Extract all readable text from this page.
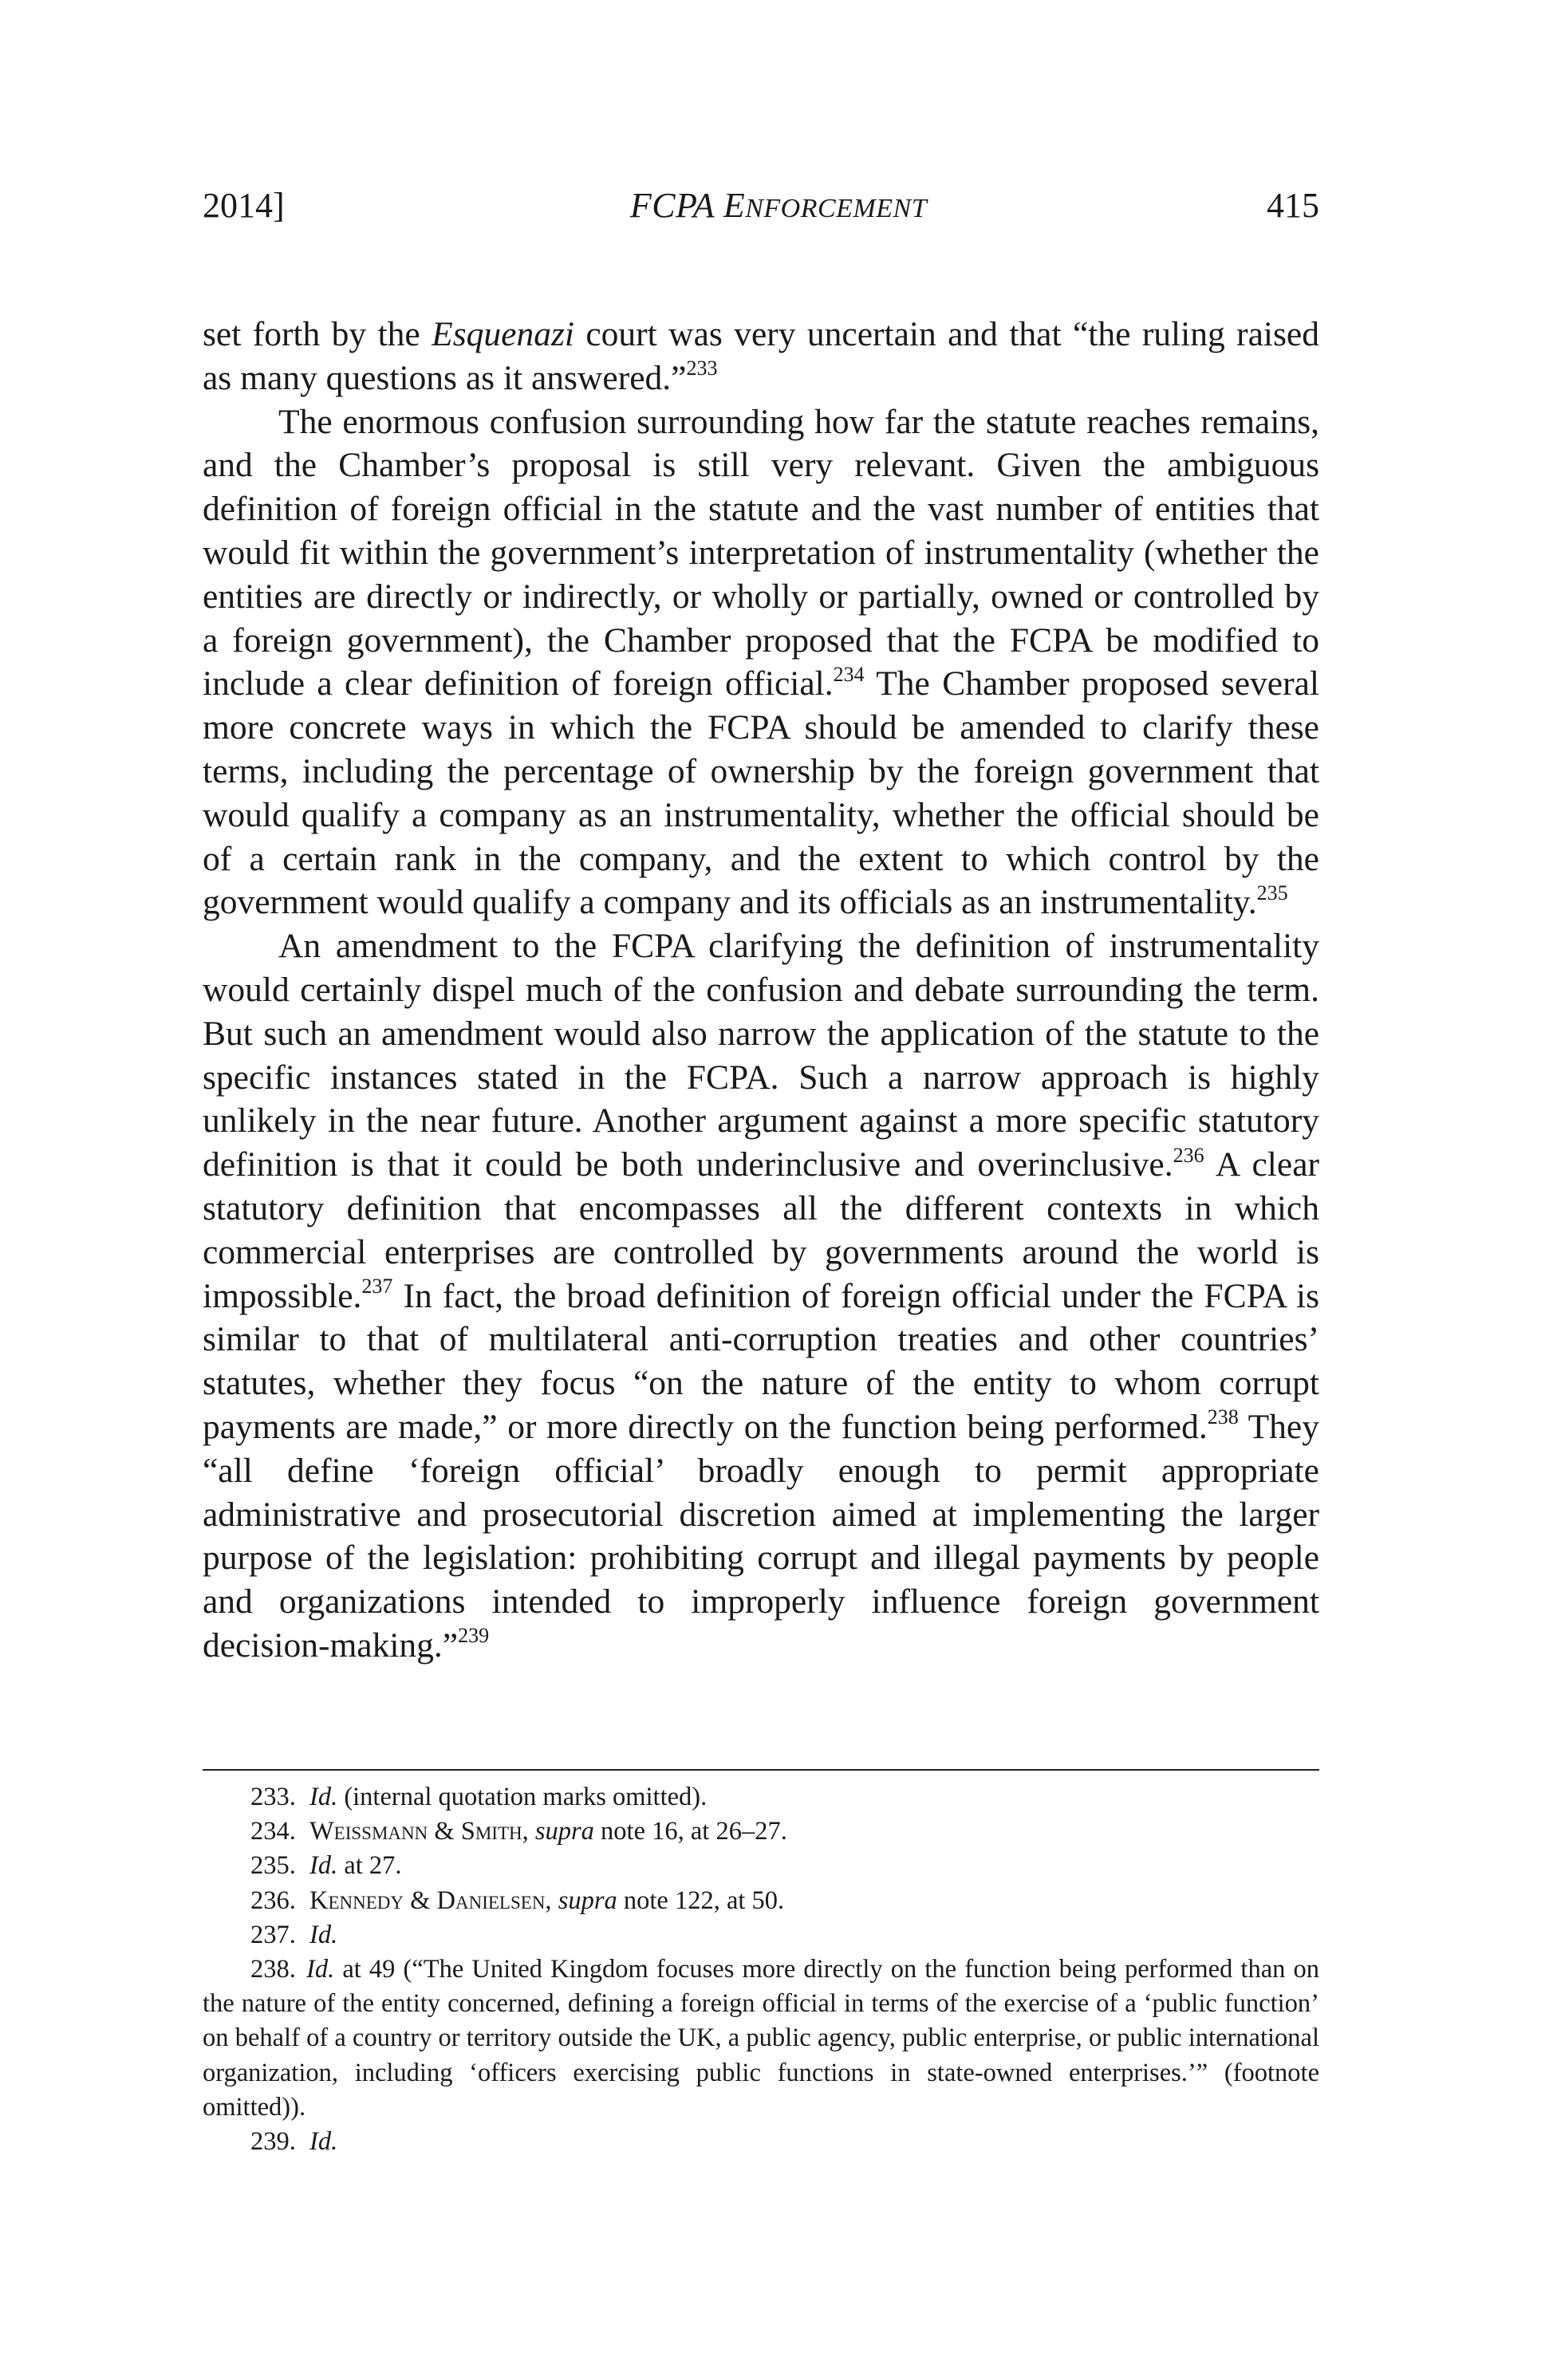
2014]	FCPA ENFORCEMENT	415

set forth by the Esquenazi court was very uncertain and that “the ruling raised as many questions as it answered.”$^{233}$

The enormous confusion surrounding how far the statute reaches remains, and the Chamber’s proposal is still very relevant. Given the ambiguous definition of foreign official in the statute and the vast number of entities that would fit within the government’s interpretation of instrumentality (whether the entities are directly or indirectly, or wholly or partially, owned or controlled by a foreign government), the Chamber proposed that the FCPA be modified to include a clear definition of foreign official.$^{234}$ The Chamber proposed several more concrete ways in which the FCPA should be amended to clarify these terms, including the percentage of ownership by the foreign government that would qualify a company as an instrumentality, whether the official should be of a certain rank in the company, and the extent to which control by the government would qualify a company and its officials as an instrumentality.$^{235}$

An amendment to the FCPA clarifying the definition of instrumentality would certainly dispel much of the confusion and debate surrounding the term. But such an amendment would also narrow the application of the statute to the specific instances stated in the FCPA. Such a narrow approach is highly unlikely in the near future. Another argument against a more specific statutory definition is that it could be both underinclusive and overinclusive.$^{236}$ A clear statutory definition that encompasses all the different contexts in which commercial enterprises are controlled by governments around the world is impossible.$^{237}$ In fact, the broad definition of foreign official under the FCPA is similar to that of multilateral anti-corruption treaties and other countries’ statutes, whether they focus “on the nature of the entity to whom corrupt payments are made,” or more directly on the function being performed.$^{238}$ They “all define ‘foreign official’ broadly enough to permit appropriate administrative and prosecutorial discretion aimed at implementing the larger purpose of the legislation: prohibiting corrupt and illegal payments by people and organizations intended to improperly influence foreign government decision-making.”$^{239}$

233. Id. (internal quotation marks omitted).

234. Weissmann & Smith, supra note 16, at 26–27.

235. Id. at 27.

236. Kennedy & Danielsen, supra note 122, at 50.

237. Id.

238. Id. at 49 (“The United Kingdom focuses more directly on the function being performed than on the nature of the entity concerned, defining a foreign official in terms of the exercise of a ‘public function’ on behalf of a country or territory outside the UK, a public agency, public enterprise, or public international organization, including ‘officers exercising public functions in state-owned enterprises.’” (footnote omitted)).

239. Id.
